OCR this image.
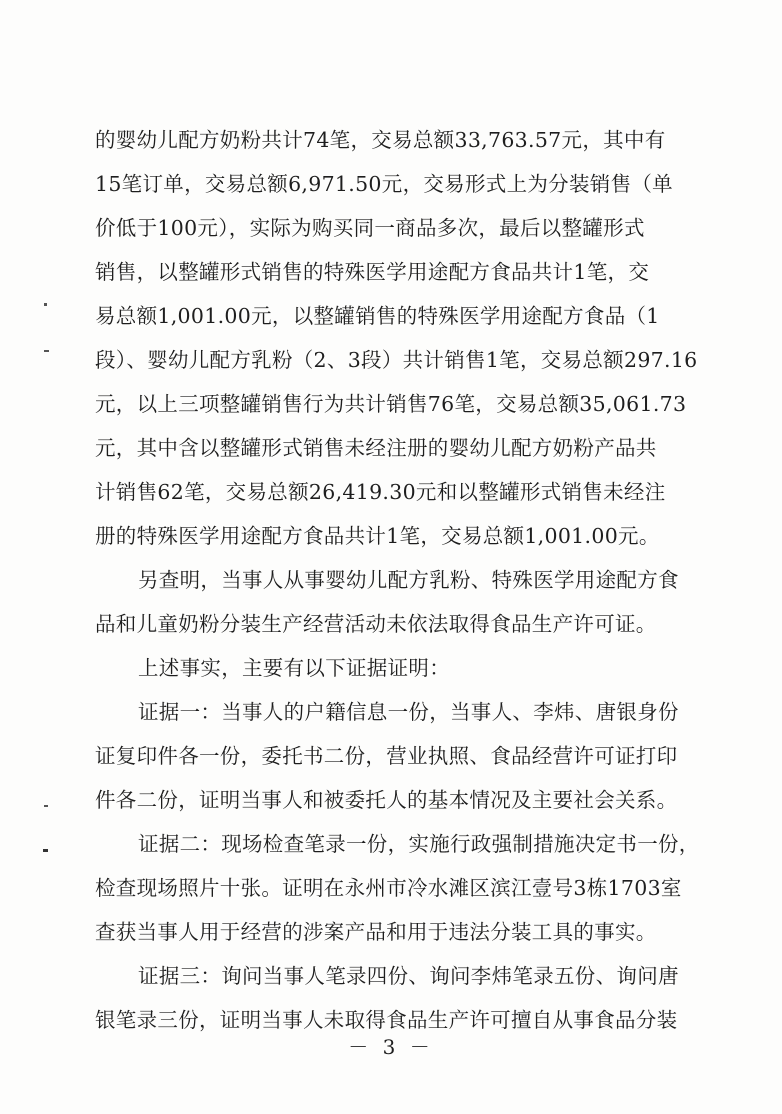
的婴幼儿配方奶粉共计74笔，交易总额33,763.57元，其中有
15笔订单，交易总额6,971.50元，交易形式上为分装销售（单
价低于100元），实际为购买同一商品多次，最后以整罐形式
销售，以整罐形式销售的特殊医学用途配方食品共计1笔，交
易总额1,001.00元，以整罐销售的特殊医学用途配方食品（1
段）、婴幼儿配方乳粉（2、3段）共计销售1笔，交易总额297.16
元，以上三项整罐销售行为共计销售76笔，交易总额35,061.73
元，其中含以整罐形式销售未经注册的婴幼儿配方奶粉产品共
计销售62笔，交易总额26,419.30元和以整罐形式销售未经注
册的特殊医学用途配方食品共计1笔，交易总额1,001.00元。
另查明，当事人从事婴幼儿配方乳粉、特殊医学用途配方食
品和儿童奶粉分装生产经营活动未依法取得食品生产许可证。
上述事实，主要有以下证据证明：
证据一：当事人的户籍信息一份，当事人、李炜、唐银身份
证复印件各一份，委托书二份，营业执照、食品经营许可证打印
件各二份，证明当事人和被委托人的基本情况及主要社会关系。
证据二：现场检查笔录一份，实施行政强制措施决定书一份，
检查现场照片十张。证明在永州市冷水滩区滨江壹号3栋1703室
查获当事人用于经营的涉案产品和用于违法分装工具的事实。
证据三：询问当事人笔录四份、询问李炜笔录五份、询问唐
银笔录三份，证明当事人未取得食品生产许可擅自从事食品分装
－ 3 －
